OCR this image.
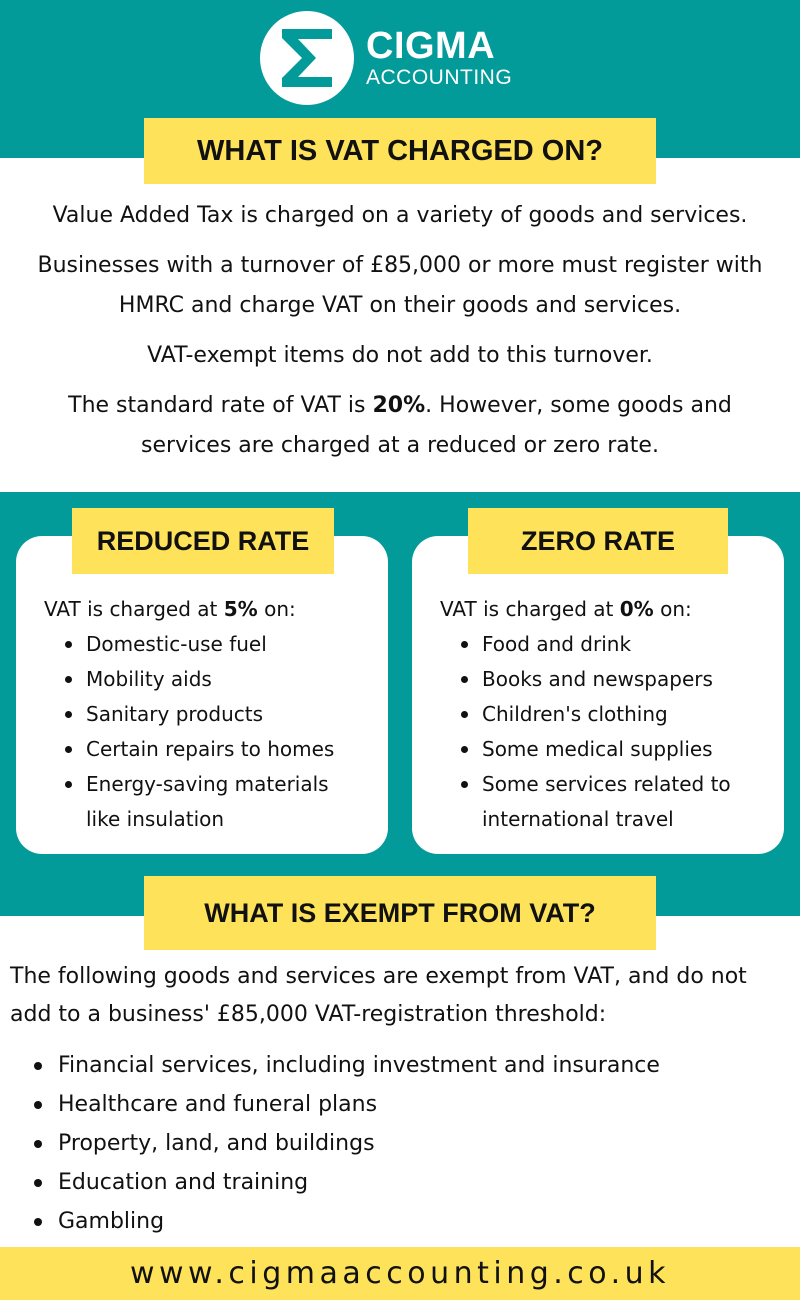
CIGMA
ACCOUNTING
WHAT IS VAT CHARGED ON?

Value Added Tax is charged on a variety of goods and services.

Businesses with a turnover of £85,000 or more must register with HMRC and charge VAT on their goods and services.

VAT-exempt items do not add to this turnover.

The standard rate of VAT is 20%. However, some goods and services are charged at a reduced or zero rate.

VAT is charged at 5% on:
Domestic-use fuel
Mobility aids
Sanitary products
Certain repairs to homes
Energy-saving materials like insulation
VAT is charged at 0% on:
Food and drink
Books and newspapers
Children's clothing
Some medical supplies
Some services related to international travel
REDUCED RATE	ZERO RATE
WHAT IS EXEMPT FROM VAT?
The following goods and services are exempt from VAT, and do not add to a business' £85,000 VAT-registration threshold:
Financial services, including investment and insurance
Healthcare and funeral plans
Property, land, and buildings
Education and training
Gambling
www.cigmaaccounting.co.uk
